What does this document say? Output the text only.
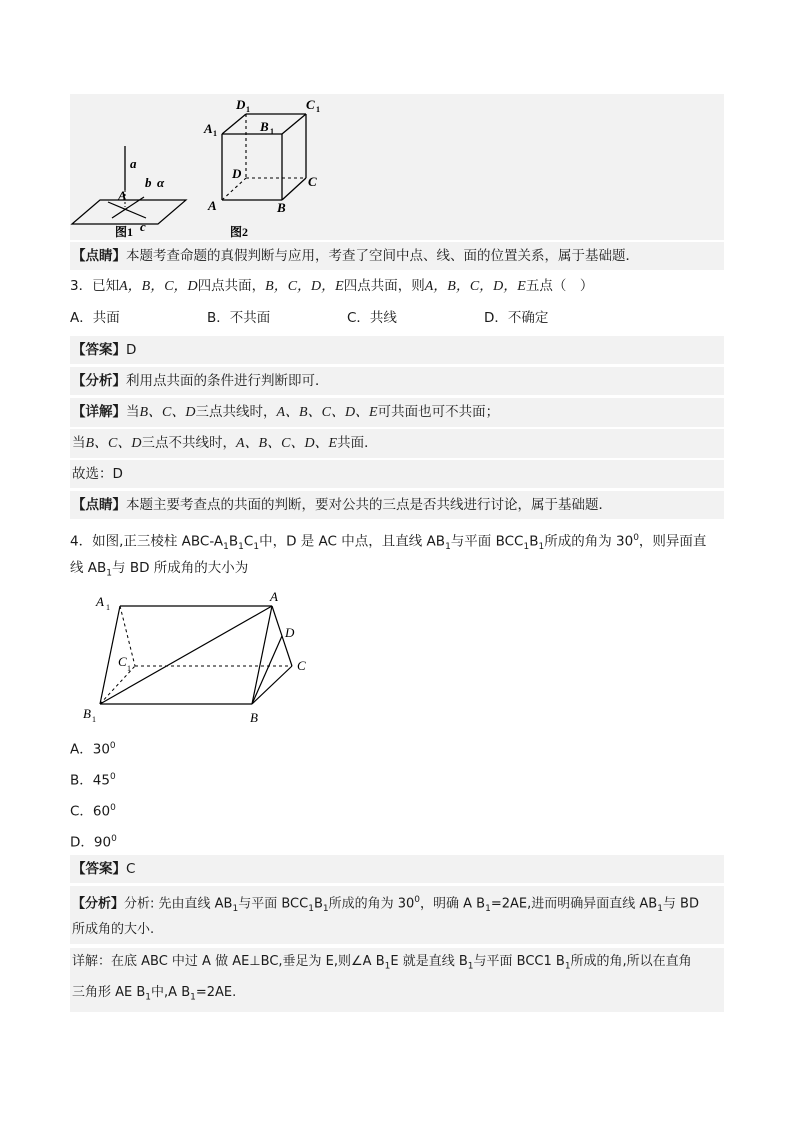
a
b α
A
c
图1
D 1	C 1
A 1	B 1
D
C
A	B
图2
【点睛】本题考查命题的真假判断与应用，考查了空间中点、线、面的位置关系，属于基础题．
3．已知A，B，C，D四点共面，B，C，D，E四点共面，则A，B，C，D，E五点（　）
A．共面	B．不共面	C．共线	D．不确定
【答案】D
【分析】利用点共面的条件进行判断即可．
【详解】当B、C、D三点共线时，A、B、C、D、E可共面也可不共面；
当B、C、D三点不共线时，A、B、C、D、E共面．
故选：D
【点睛】本题主要考查点的共面的判断，要对公共的三点是否共线进行讨论，属于基础题．
4．如图,正三棱柱 ABC-$A_1B_1C_1$中，D 是 AC 中点，且直线 $AB_1$与平面 $BCC_1B_1$所成的角为 $30^0$，则异面直
线 $AB_1$与 BD 所成角的大小为
A 1
A
D
C 1	C
B 1	B
A．$30^0$
B．$45^0$
C．$60^0$
D．$90^0$
【答案】C
【分析】分析: 先由直线 $AB_1$与平面 $BCC_1B_1$所成的角为 $30^0$，明确 A $B_1=2AE$,进而明确异面直线 $AB_1$与 BD
所成角的大小.
详解：在底 ABC 中过 A 做 AE⊥BC,垂足为 E,则∠A $B_1E$ 就是直线 $B_1$与平面 BCC1 $B_1$所成的角,所以在直角
三角形 AE $B_1$中,A $B_1=2AE$.
